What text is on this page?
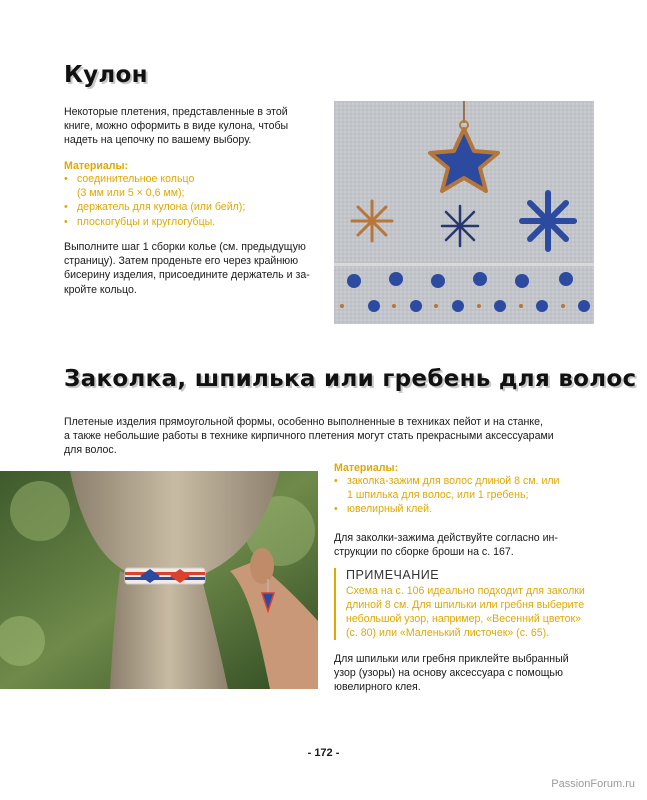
Кулон
Некоторые плетения, представленные в этой
книге, можно оформить в виде кулона, чтобы
надеть на цепочку по вашему выбору.
Материалы:
• соединительное кольцо
(3 мм или 5 × 0,6 мм);
• держатель для кулона (или бейл);
• плоскогубцы и круглогубцы.
Выполните шаг 1 сборки колье (см. предыдущую
страницу). Затем проденьте его через крайнюю
бисерину изделия, присоедините держатель и за-
кройте кольцо.
Заколка, шпилька или гребень для волос
Плетеные изделия прямоугольной формы, особенно выполненные в техниках пейот и на станке,
а также небольшие работы в технике кирпичного плетения могут стать прекрасными аксессуарами
для волос.
Материалы:
• заколка-зажим для волос длиной 8 см. или
1 шпилька для волос, или 1 гребень;
• ювелирный клей.
Для заколки-зажима действуйте согласно ин-
струкции по сборке броши на с. 167.
ПРИМЕЧАНИЕ
Схема на с. 106 идеально подходит для заколки
длиной 8 см. Для шпильки или гребня выберите
небольшой узор, например, «Весенний цветок»
(с. 80) или «Маленький листочек» (с. 65).
Для шпильки или гребня приклейте выбранный
узор (узоры) на основу аксессуара с помощью
ювелирного клея.
- 172 -
PassionForum.ru
